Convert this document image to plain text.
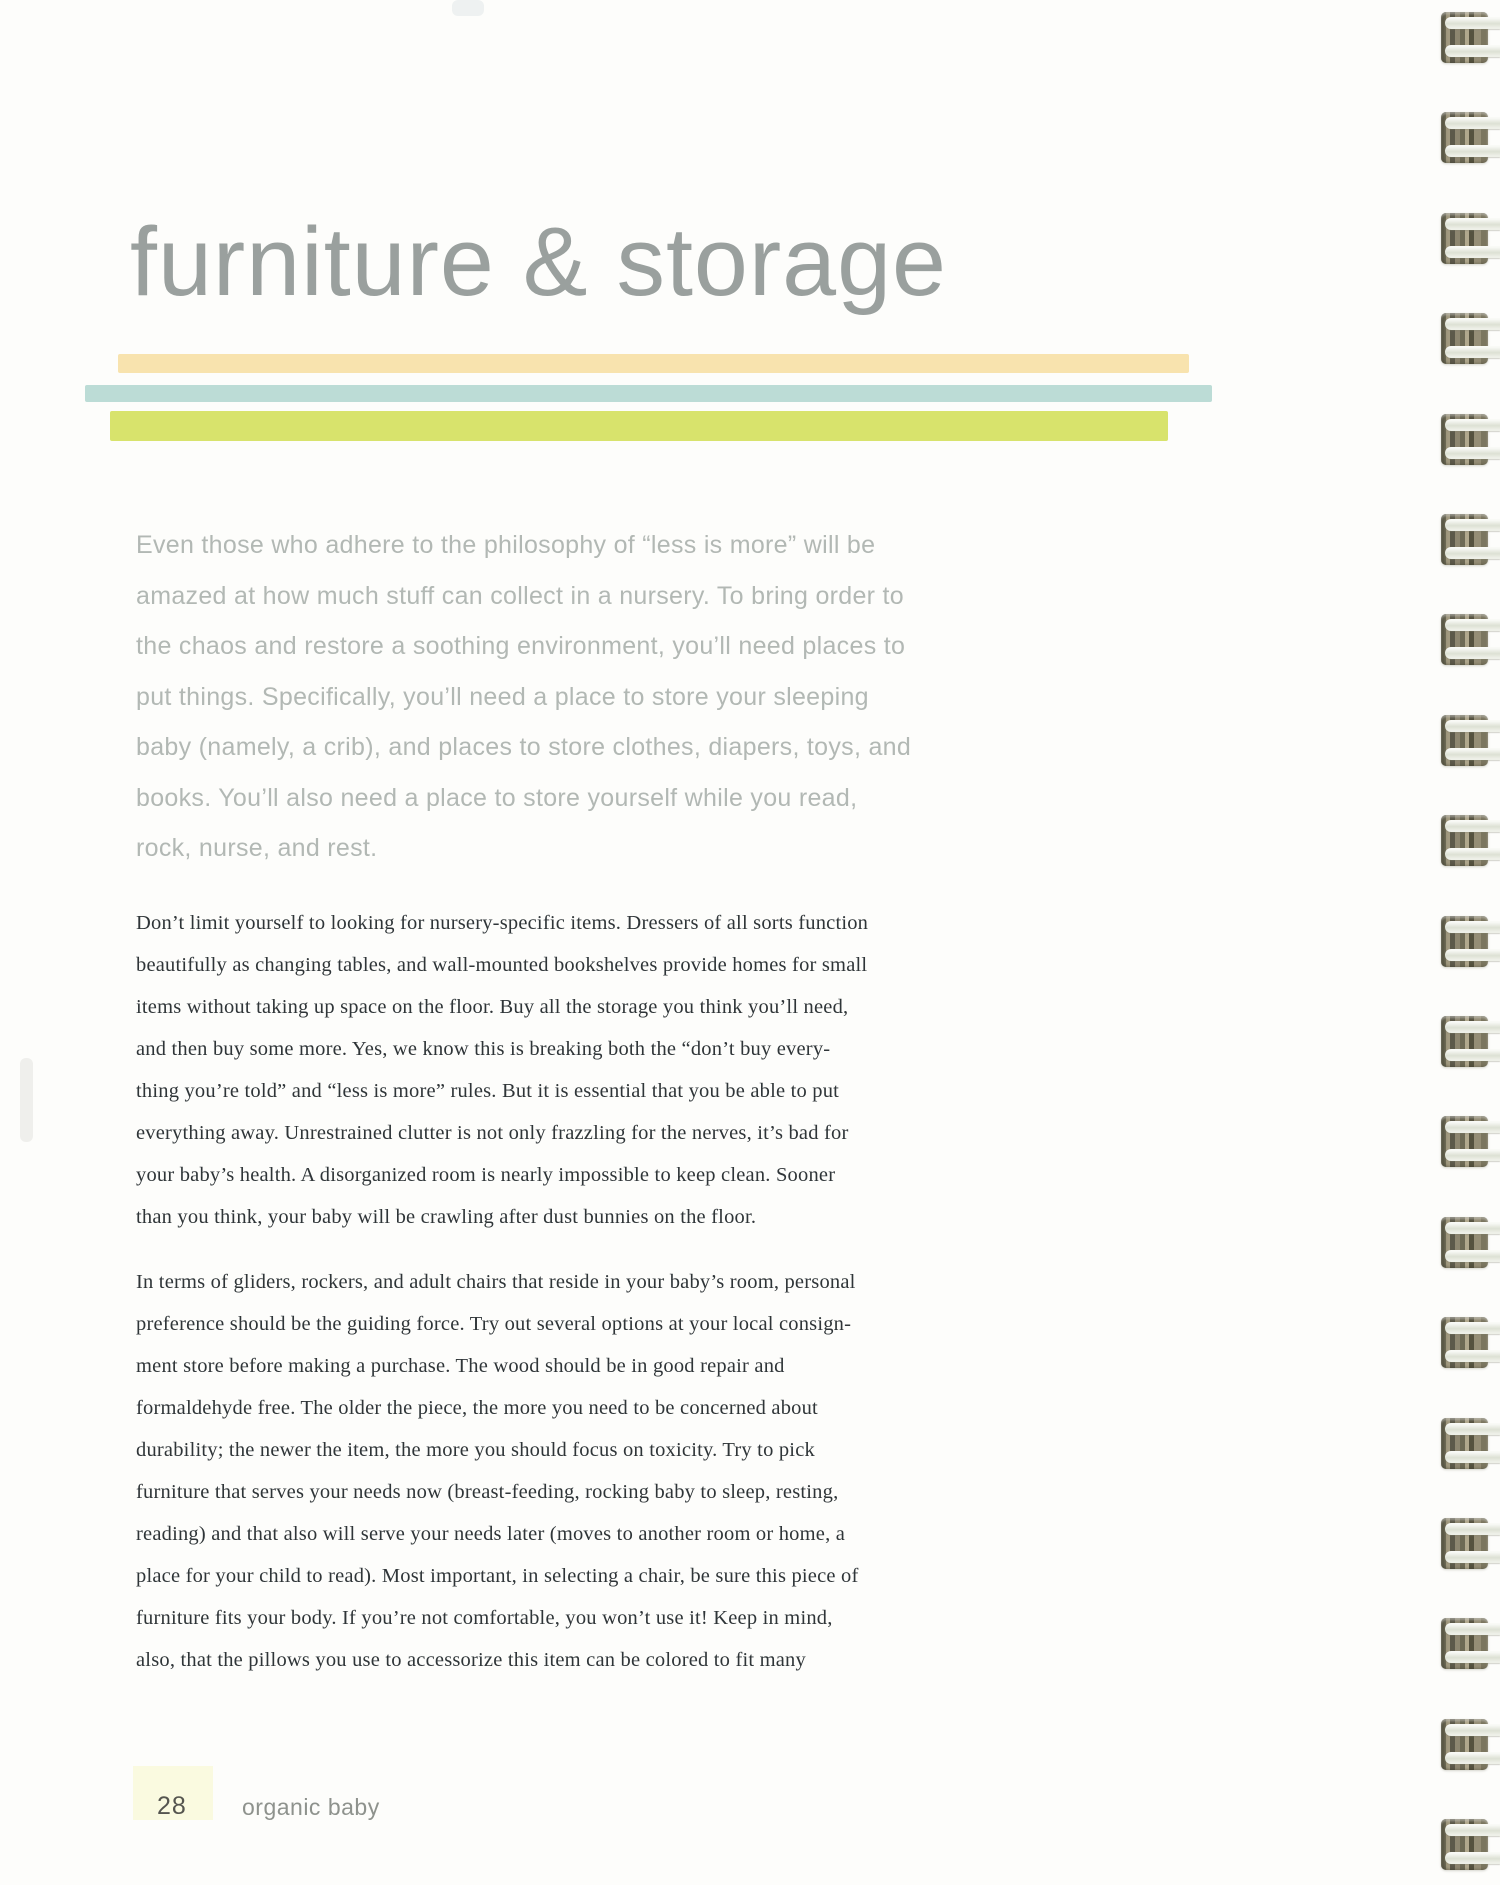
furniture & storage
Even those who adhere to the philosophy of “less is more” will be
amazed at how much stuff can collect in a nursery. To bring order to
the chaos and restore a soothing environment, you’ll need places to
put things. Specifically, you’ll need a place to store your sleeping
baby (namely, a crib), and places to store clothes, diapers, toys, and
books. You’ll also need a place to store yourself while you read,
rock, nurse, and rest.
Don’t limit yourself to looking for nursery-specific items. Dressers of all sorts function
beautifully as changing tables, and wall-mounted bookshelves provide homes for small
items without taking up space on the floor. Buy all the storage you think you’ll need,
and then buy some more. Yes, we know this is breaking both the “don’t buy every-
thing you’re told” and “less is more” rules. But it is essential that you be able to put
everything away. Unrestrained clutter is not only frazzling for the nerves, it’s bad for
your baby’s health. A disorganized room is nearly impossible to keep clean. Sooner
than you think, your baby will be crawling after dust bunnies on the floor.
In terms of gliders, rockers, and adult chairs that reside in your baby’s room, personal
preference should be the guiding force. Try out several options at your local consign-
ment store before making a purchase. The wood should be in good repair and
formaldehyde free. The older the piece, the more you need to be concerned about
durability; the newer the item, the more you should focus on toxicity. Try to pick
furniture that serves your needs now (breast-feeding, rocking baby to sleep, resting,
reading) and that also will serve your needs later (moves to another room or home, a
place for your child to read). Most important, in selecting a chair, be sure this piece of
furniture fits your body. If you’re not comfortable, you won’t use it! Keep in mind,
also, that the pillows you use to accessorize this item can be colored to fit many
28 organic baby
